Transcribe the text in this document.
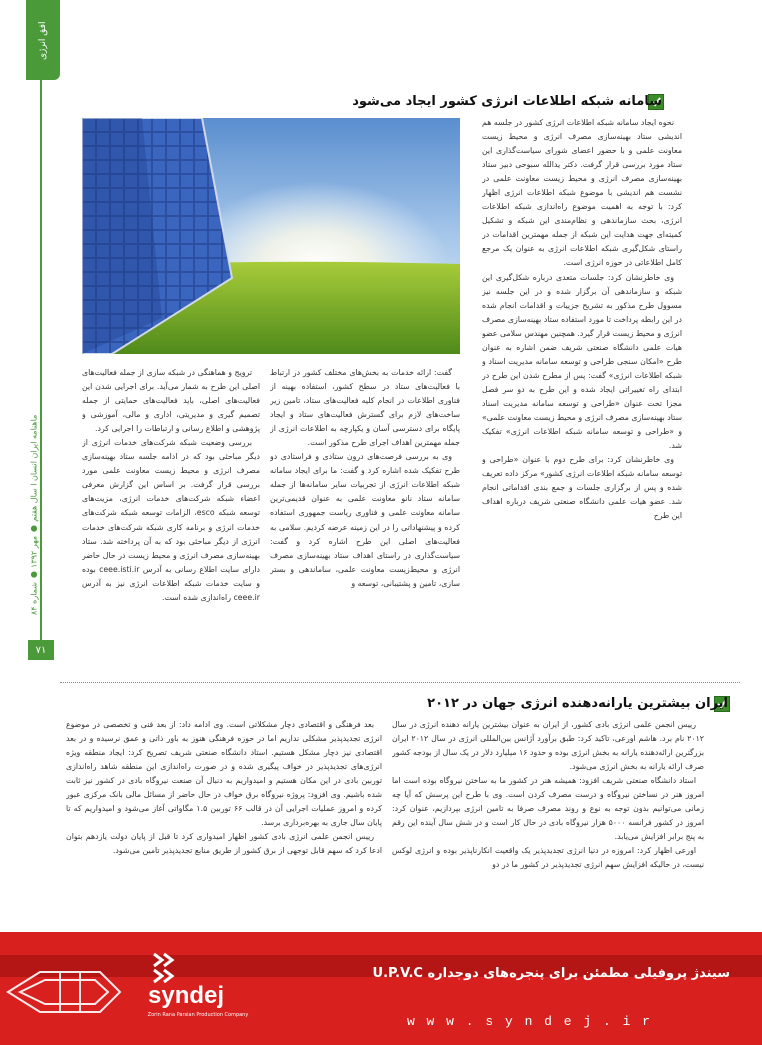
افق انرژی
ماهنامه ایران انسان ا سال هفتم ● مهر ۱۳۹۲ ● شماره ۸۴
۷۱
سامانه شبکه اطلاعات انرژی کشور ایجاد می‌شود

نحوه ایجاد سامانه شبکه اطلاعات انرژی کشور در جلسه هم اندیشی ستاد بهینه‌سازی مصرف انرژی و محیط زیست معاونت علمی و با حضور اعضای شورای سیاست‌گذاری این ستاد مورد بررسی قرار گرفت. دکتر یدالله سبوحی دبیر ستاد بهینه‌سازی مصرف انرژی و محیط زیست معاونت علمی در نشست هم اندیشی با موضوع شبکه اطلاعات انرژی اظهار کرد: با توجه به اهمیت موضوع راه‌اندازی شبکه اطلاعات انرژی، بحث سازماندهی و نظام‌مندی این شبکه و تشکیل کمیته‌ای جهت هدایت این شبکه از جمله مهمترین اقدامات در راستای شکل‌گیری شبکه اطلاعات انرژی به عنوان یک مرجع کامل اطلاعاتی در حوزه انرژی است.

وی خاطرنشان کرد: جلسات متعدی درباره شکل‌گیری این شبکه و سازماندهی آن برگزار شده و در این جلسه نیز مسوول طرح مذکور به تشریح جزییات و اقدامات انجام شده در این رابطه پرداخت تا مورد استفاده ستاد بهینه‌سازی مصرف انرژی و محیط زیست قرار گیرد. همچنین مهندس سلامی عضو هیات علمی دانشگاه صنعتی شریف ضمن اشاره به عنوان طرح «امکان سنجی طراحی و توسعه سامانه مدیریت اسناد و شبکه اطلاعات انرژی» گفت: پس از مطرح شدن این طرح در ابتدای راه تغییراتی ایجاد شده و این طرح به دو سر فصل مجزا تحت عنوان «طراحی و توسعه سامانه مدیریت اسناد ستاد بهینه‌سازی مصرف انرژی و محیط زیست معاونت علمی» و «طراحی و توسعه سامانه شبکه اطلاعات انرژی» تفکیک شد.

وی خاطرنشان کرد: برای طرح دوم با عنوان «طراحی و توسعه سامانه شبکه اطلاعات انرژی کشور» مرکز داده تعریف شده و پس از برگزاری جلسات و جمع بندی اقداماتی انجام شد. عضو هیات علمی دانشگاه صنعتی شریف درباره اهداف این طرح

گفت: ارائه خدمات به بخش‌های مختلف کشور در ارتباط با فعالیت‌های ستاد در سطح کشور، استفاده بهینه از فناوری اطلاعات در انجام کلیه فعالیت‌های ستاد، تامین زیر ساخت‌های لازم برای گسترش فعالیت‌های ستاد و ایجاد پایگاه برای دسترسی آسان و یکپارچه به اطلاعات انرژی از جمله مهمترین اهداف اجرای طرح مذکور است.

وی به بررسی فرصت‌های درون ستادی و فراستادی دو طرح تفکیک شده اشاره کرد و گفت: ما برای ایجاد سامانه شبکه اطلاعات انرژی از تجربیات سایر سامانه‌ها از جمله سامانه ستاد نانو معاونت علمی به عنوان قدیمی‌ترین سامانه معاونت علمی و فناوری ریاست جمهوری استفاده کرده و پیشنهاداتی را در این زمینه عرضه کردیم. سلامی به فعالیت‌های اصلی این طرح اشاره کرد و گفت: سیاست‌گذاری در راستای اهداف ستاد بهینه‌سازی مصرف انرژی و محیط‌زیست معاونت علمی، ساماندهی و بستر سازی، تامین و پشتیبانی، توسعه و

ترویج و هماهنگی در شبکه سازی از جمله فعالیت‌های اصلی این طرح به شمار می‌آید. برای اجرایی شدن این فعالیت‌های اصلی، باید فعالیت‌های حمایتی از جمله تصمیم گیری و مدیریتی، اداری و مالی، آموزشی و پژوهشی و اطلاع رسانی و ارتباطات را اجرایی کرد.

بررسی وضعیت شبکه شرکت‌های خدمات انرژی از دیگر مباحثی بود که در ادامه جلسه ستاد بهینه‌سازی مصرف انرژی و محیط زیست معاونت علمی مورد بررسی قرار گرفت. بر اساس این گزارش معرفی اعضاء شبکه شرکت‌های خدمات انرژی، مزیت‌های توسعه شبکه esco، الزامات توسعه شبکه شرکت‌های خدمات انرژی و برنامه کاری شبکه شرکت‌های خدمات انرژی از دیگر مباحثی بود که به آن پرداخته شد. ستاد بهینه‌سازی مصرف انرژی و محیط زیست در حال حاضر دارای سایت اطلاع رسانی به آدرس ceee.isti.ir بوده و سایت خدمات شبکه اطلاعات انرژی نیز به آدرس ceee.ir راه‌اندازی شده است.

ایران بیشترین یارانه‌دهنده انرژی جهان در ۲۰۱۲

رییس انجمن علمی انرژی بادی کشور، از ایران به عنوان بیشترین یارانه دهنده انرژی در سال ۲۰۱۲ نام برد. هاشم اورعی، تاکید کرد: طبق برآورد آژانس بین‌المللی انرژی در سال ۲۰۱۲ ایران بزرگترین ارائه‌دهنده یارانه به بخش انرژی بوده و حدود ۱۶ میلیارد دلار در یک سال از بودجه کشور صرف ارائه یارانه به بخش انرژی می‌شود.

استاد دانشگاه صنعتی شریف افزود: همیشه هنر در کشور ما به ساختن نیروگاه بوده است اما امروز هنر در نساختن نیروگاه و درست مصرف کردن است. وی با طرح این پرسش که آیا چه زمانی می‌توانیم بدون توجه به نوع و روند مصرف صرفا به تامین انرژی بپردازیم، عنوان کرد: امروز در کشور فرانسه ۵۰۰۰ هزار نیروگاه بادی در حال کار است و در شش سال آینده این رقم به پنج برابر افزایش می‌یابد.

اورعی اظهار کرد: امروزه در دنیا انرژی تجدیدپذیر یک واقعیت انکارناپذیر بوده و انرژی لوکس نیست، در حالیکه افزایش سهم انرژی تجدیدپذیر در کشور ما در دو

بعد فرهنگی و اقتصادی دچار مشکلاتی است. وی ادامه داد: از بعد فنی و تخصصی در موضوع انرژی تجدیدپذیر مشکلی نداریم اما در حوزه فرهنگی هنوز به باور ذاتی و عمق نرسیده و در بعد اقتصادی نیز دچار مشکل هستیم. استاد دانشگاه صنعتی شریف تصریح کرد: ایجاد منطقه ویژه انرژی‌های تجدیدپذیر در خواف پیگیری شده و در صورت راه‌اندازی این منطقه شاهد راه‌اندازی توربین بادی در این مکان هستیم و امیدواریم به دنبال آن صنعت نیروگاه بادی در کشور نیز ثابت شده باشیم. وی افزود: پروژه نیروگاه برق خواف در حال حاضر از مسائل مالی بانک مرکزی عبور کرده و امروز عملیات اجرایی آن در قالب ۶۶ توربین ۱.۵ مگاواتی آغاز می‌شود و امیدواریم که تا پایان سال جاری به بهره‌برداری برسد.

رییس انجمن علمی انرژی بادی کشور اظهار امیدواری کرد تا قبل از پایان دولت یازدهم بتوان ادعا کرد که سهم قابل توجهی از برق کشور از طریق منابع تجدیدپذیر تامین می‌شود.

syndej
Zorin Rana Parsian Production Company
سیندژ پروفیلی مطمئن برای پنجره‌های دوجداره U.P.V.C
w w w . s y n d e j . i r
